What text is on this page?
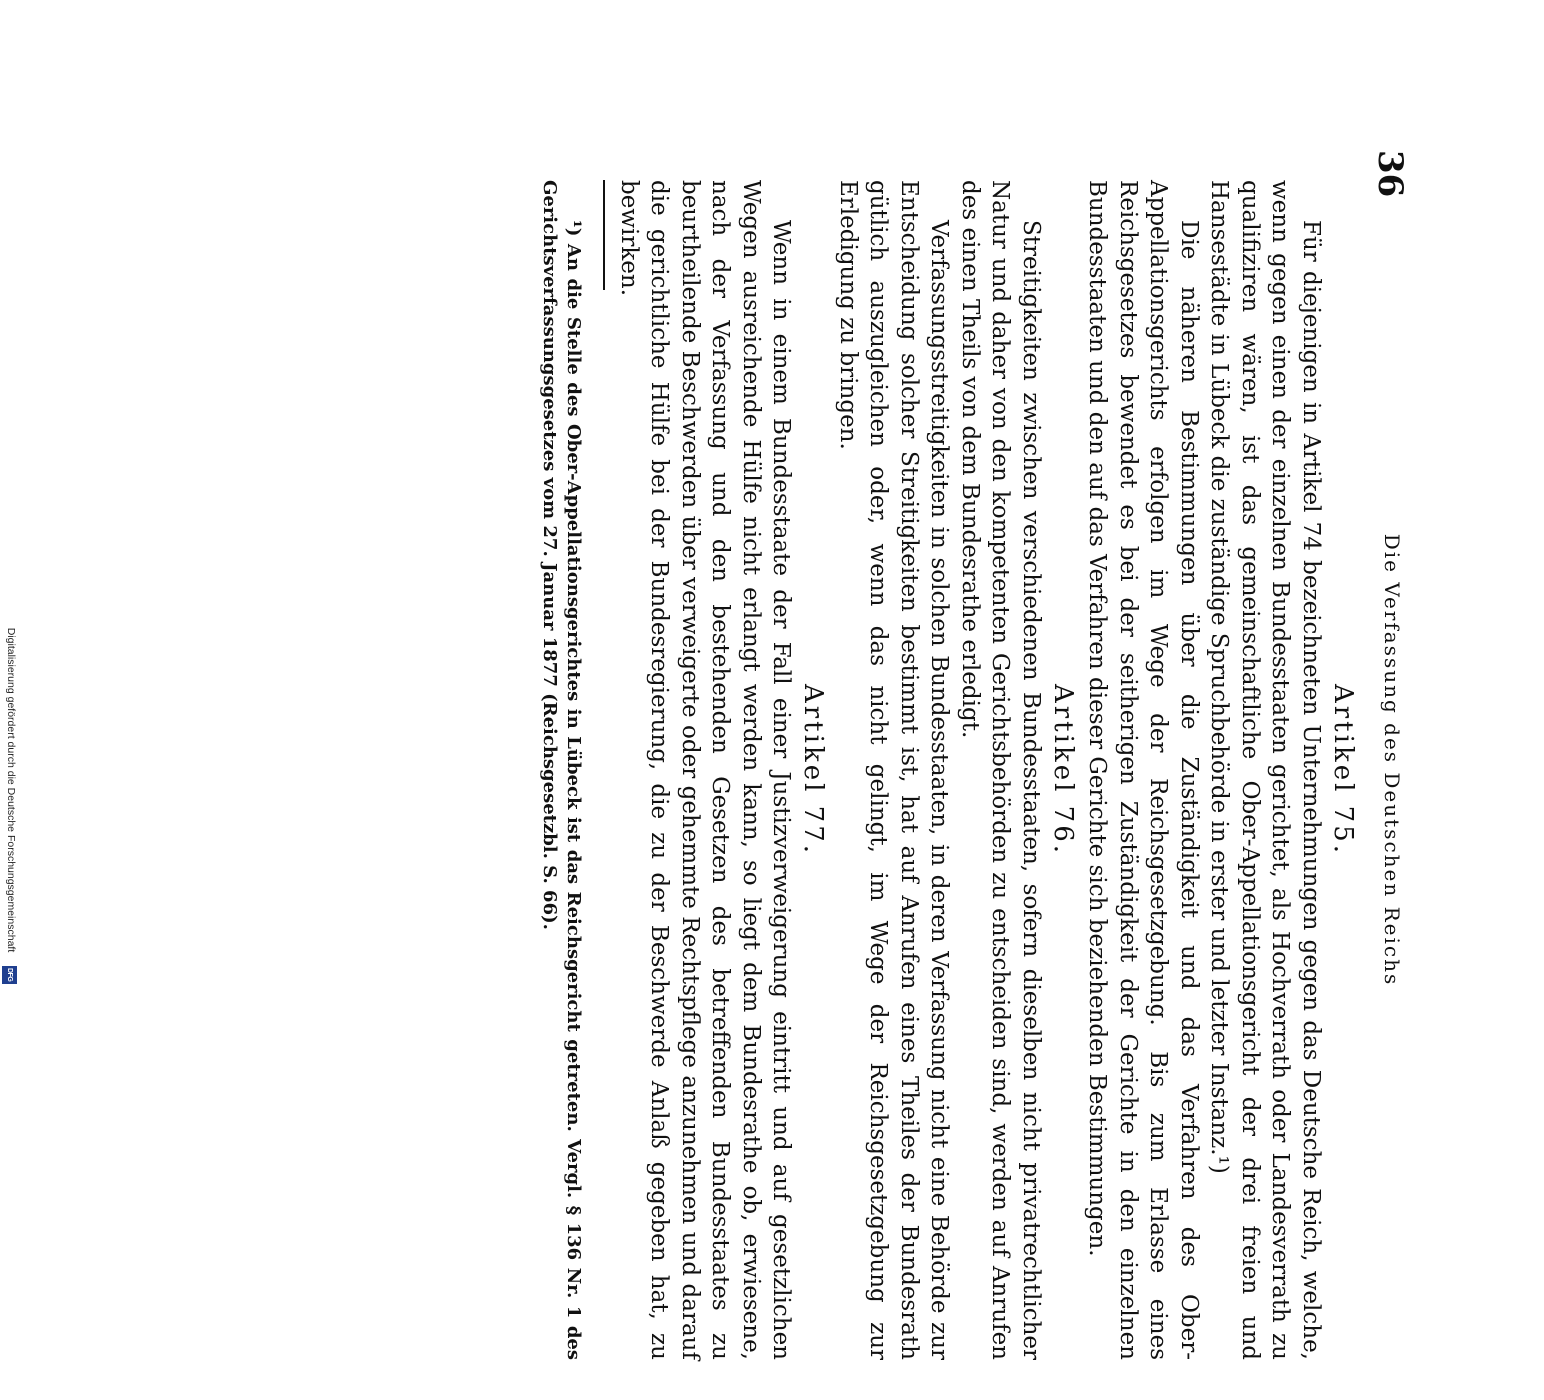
Digitalisierung gefördert durch die Deutsche Forschungsgemeinschaft
DFG
36
Die Verfassung des Deutschen Reichs
Artikel 75.

Für diejenigen in Artikel 74 bezeichneten Unternehmungen gegen das Deutsche Reich, welche, wenn gegen einen der einzelnen Bundesstaaten gerichtet, als Hochverrath oder Landesverrath zu qualifiziren wären, ist das gemeinschaftliche Ober-Appellationsgericht der drei freien und Hansestädte in Lübeck die zuständige Spruchbehörde in erster und letzter Instanz.¹)

Die näheren Bestimmungen über die Zuständigkeit und das Verfahren des Ober-Appellationsgerichts erfolgen im Wege der Reichsgesetzgebung. Bis zum Erlasse eines Reichsgesetzes bewendet es bei der seitherigen Zuständigkeit der Gerichte in den einzelnen Bundesstaaten und den auf das Verfahren dieser Gerichte sich beziehenden Bestimmungen.

Artikel 76.

Streitigkeiten zwischen verschiedenen Bundesstaaten, sofern dieselben nicht privatrechtlicher Natur und daher von den kompetenten Gerichtsbehörden zu entscheiden sind, werden auf Anrufen des einen Theils von dem Bundesrathe erledigt.

Verfassungsstreitigkeiten in solchen Bundesstaaten, in deren Verfassung nicht eine Behörde zur Entscheidung solcher Streitigkeiten bestimmt ist, hat auf Anrufen eines Theiles der Bundesrath gütlich auszugleichen oder, wenn das nicht gelingt, im Wege der Reichsgesetzgebung zur Erledigung zu bringen.

Artikel 77.

Wenn in einem Bundesstaate der Fall einer Justizverweigerung eintritt und auf gesetzlichen Wegen ausreichende Hülfe nicht erlangt werden kann, so liegt dem Bundesrathe ob, erwiesene, nach der Verfassung und den bestehenden Gesetzen des betreffenden Bundesstaates zu beurtheilende Beschwerden über verweigerte oder gehemmte Rechtspflege anzunehmen und darauf die gerichtliche Hülfe bei der Bundesregierung, die zu der Beschwerde Anlaß gegeben hat, zu bewirken.

¹) An die Stelle des Ober-Appellationsgerichtes in Lübeck ist das Reichsgericht getreten. Vergl. § 136 Nr. 1 des Gerichtsverfassungsgesetzes vom 27. Januar 1877 (Reichsgesetzbl. S. 66).
